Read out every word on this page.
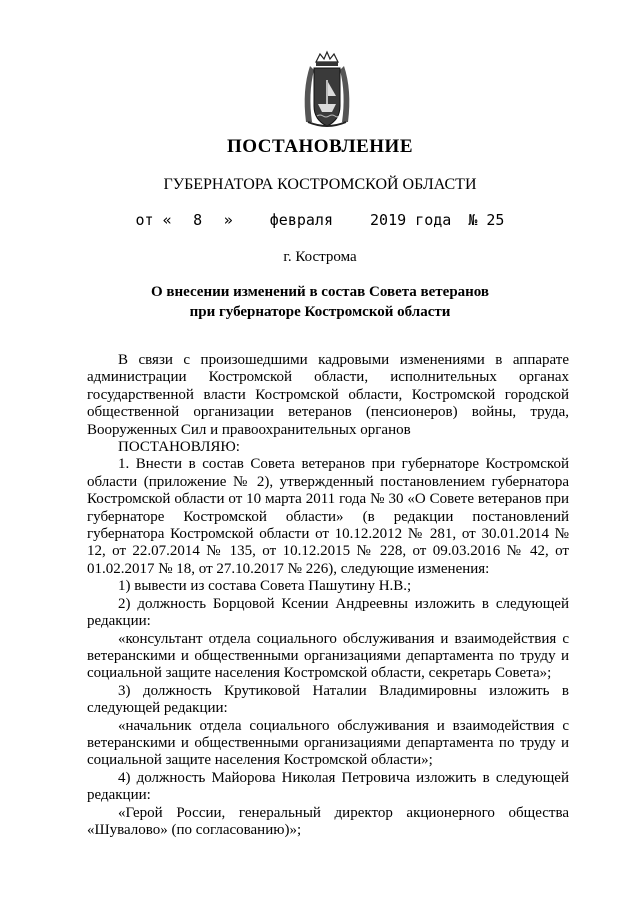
ПОСТАНОВЛЕНИЕ
ГУБЕРНАТОРА КОСТРОМСКОЙ ОБЛАСТИ
от « 8 » февраля 2019 года № 25
г. Кострома
О внесении изменений в состав Совета ветеранов
при губернаторе Костромской области

В связи с произошедшими кадровыми изменениями в аппарате администрации Костромской области, исполнительных органах государственной власти Костромской области, Костромской городской общественной организации ветеранов (пенсионеров) войны, труда, Вооруженных Сил и правоохранительных органов

ПОСТАНОВЛЯЮ:

1. Внести в состав Совета ветеранов при губернаторе Костромской области (приложение № 2), утвержденный постановлением губернатора Костромской области от 10 марта 2011 года № 30 «О Совете ветеранов при губернаторе Костромской области» (в редакции постановлений губернатора Костромской области от 10.12.2012 № 281, от 30.01.2014 № 12, от 22.07.2014 № 135, от 10.12.2015 № 228, от 09.03.2016 № 42, от 01.02.2017 № 18, от 27.10.2017 № 226), следующие изменения:

1) вывести из состава Совета Пашутину Н.В.;

2) должность Борцовой Ксении Андреевны изложить в следующей редакции:

«консультант отдела социального обслуживания и взаимодействия с ветеранскими и общественными организациями департамента по труду и социальной защите населения Костромской области, секретарь Совета»;

3) должность Крутиковой Наталии Владимировны изложить в следующей редакции:

«начальник отдела социального обслуживания и взаимодействия с ветеранскими и общественными организациями департамента по труду и социальной защите населения Костромской области»;

4) должность Майорова Николая Петровича изложить в следующей редакции:

«Герой России, генеральный директор акционерного общества «Шувалово» (по согласованию)»;
